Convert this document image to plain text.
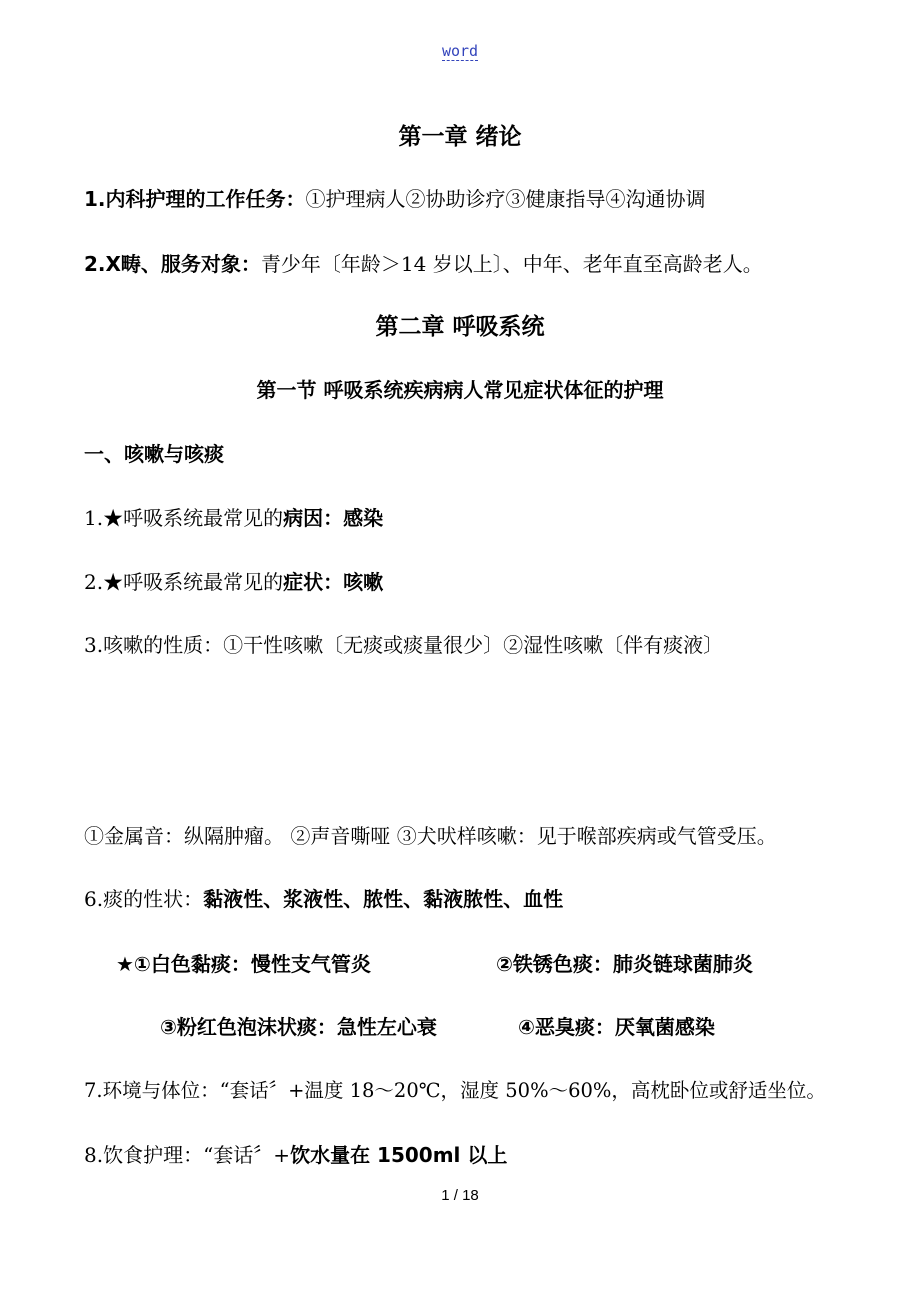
word
第一章 绪论
1.内科护理的工作任务：①护理病人②协助诊疗③健康指导④沟通协调
2.X畴、服务对象：青少年〔年龄＞14 岁以上〕、中年、老年直至高龄老人。
第二章 呼吸系统
第一节 呼吸系统疾病病人常见症状体征的护理
一、咳嗽与咳痰
1.★呼吸系统最常见的病因：感染
2.★呼吸系统最常见的症状：咳嗽
3.咳嗽的性质：①干性咳嗽〔无痰或痰量很少〕②湿性咳嗽〔伴有痰液〕
①金属音：纵隔肿瘤。 ②声音嘶哑 ③犬吠样咳嗽：见于喉部疾病或气管受压。
6.痰的性状：黏液性、浆液性、脓性、黏液脓性、血性
★①白色黏痰：慢性支气管炎	②铁锈色痰：肺炎链球菌肺炎
③粉红色泡沫状痰：急性左心衰	④恶臭痰：厌氧菌感染
7.环境与体位：“套话〞+温度 18～20℃，湿度 50%～60%，高枕卧位或舒适坐位。
8.饮食护理：“套话〞+饮水量在 1500ml 以上
1 / 18
